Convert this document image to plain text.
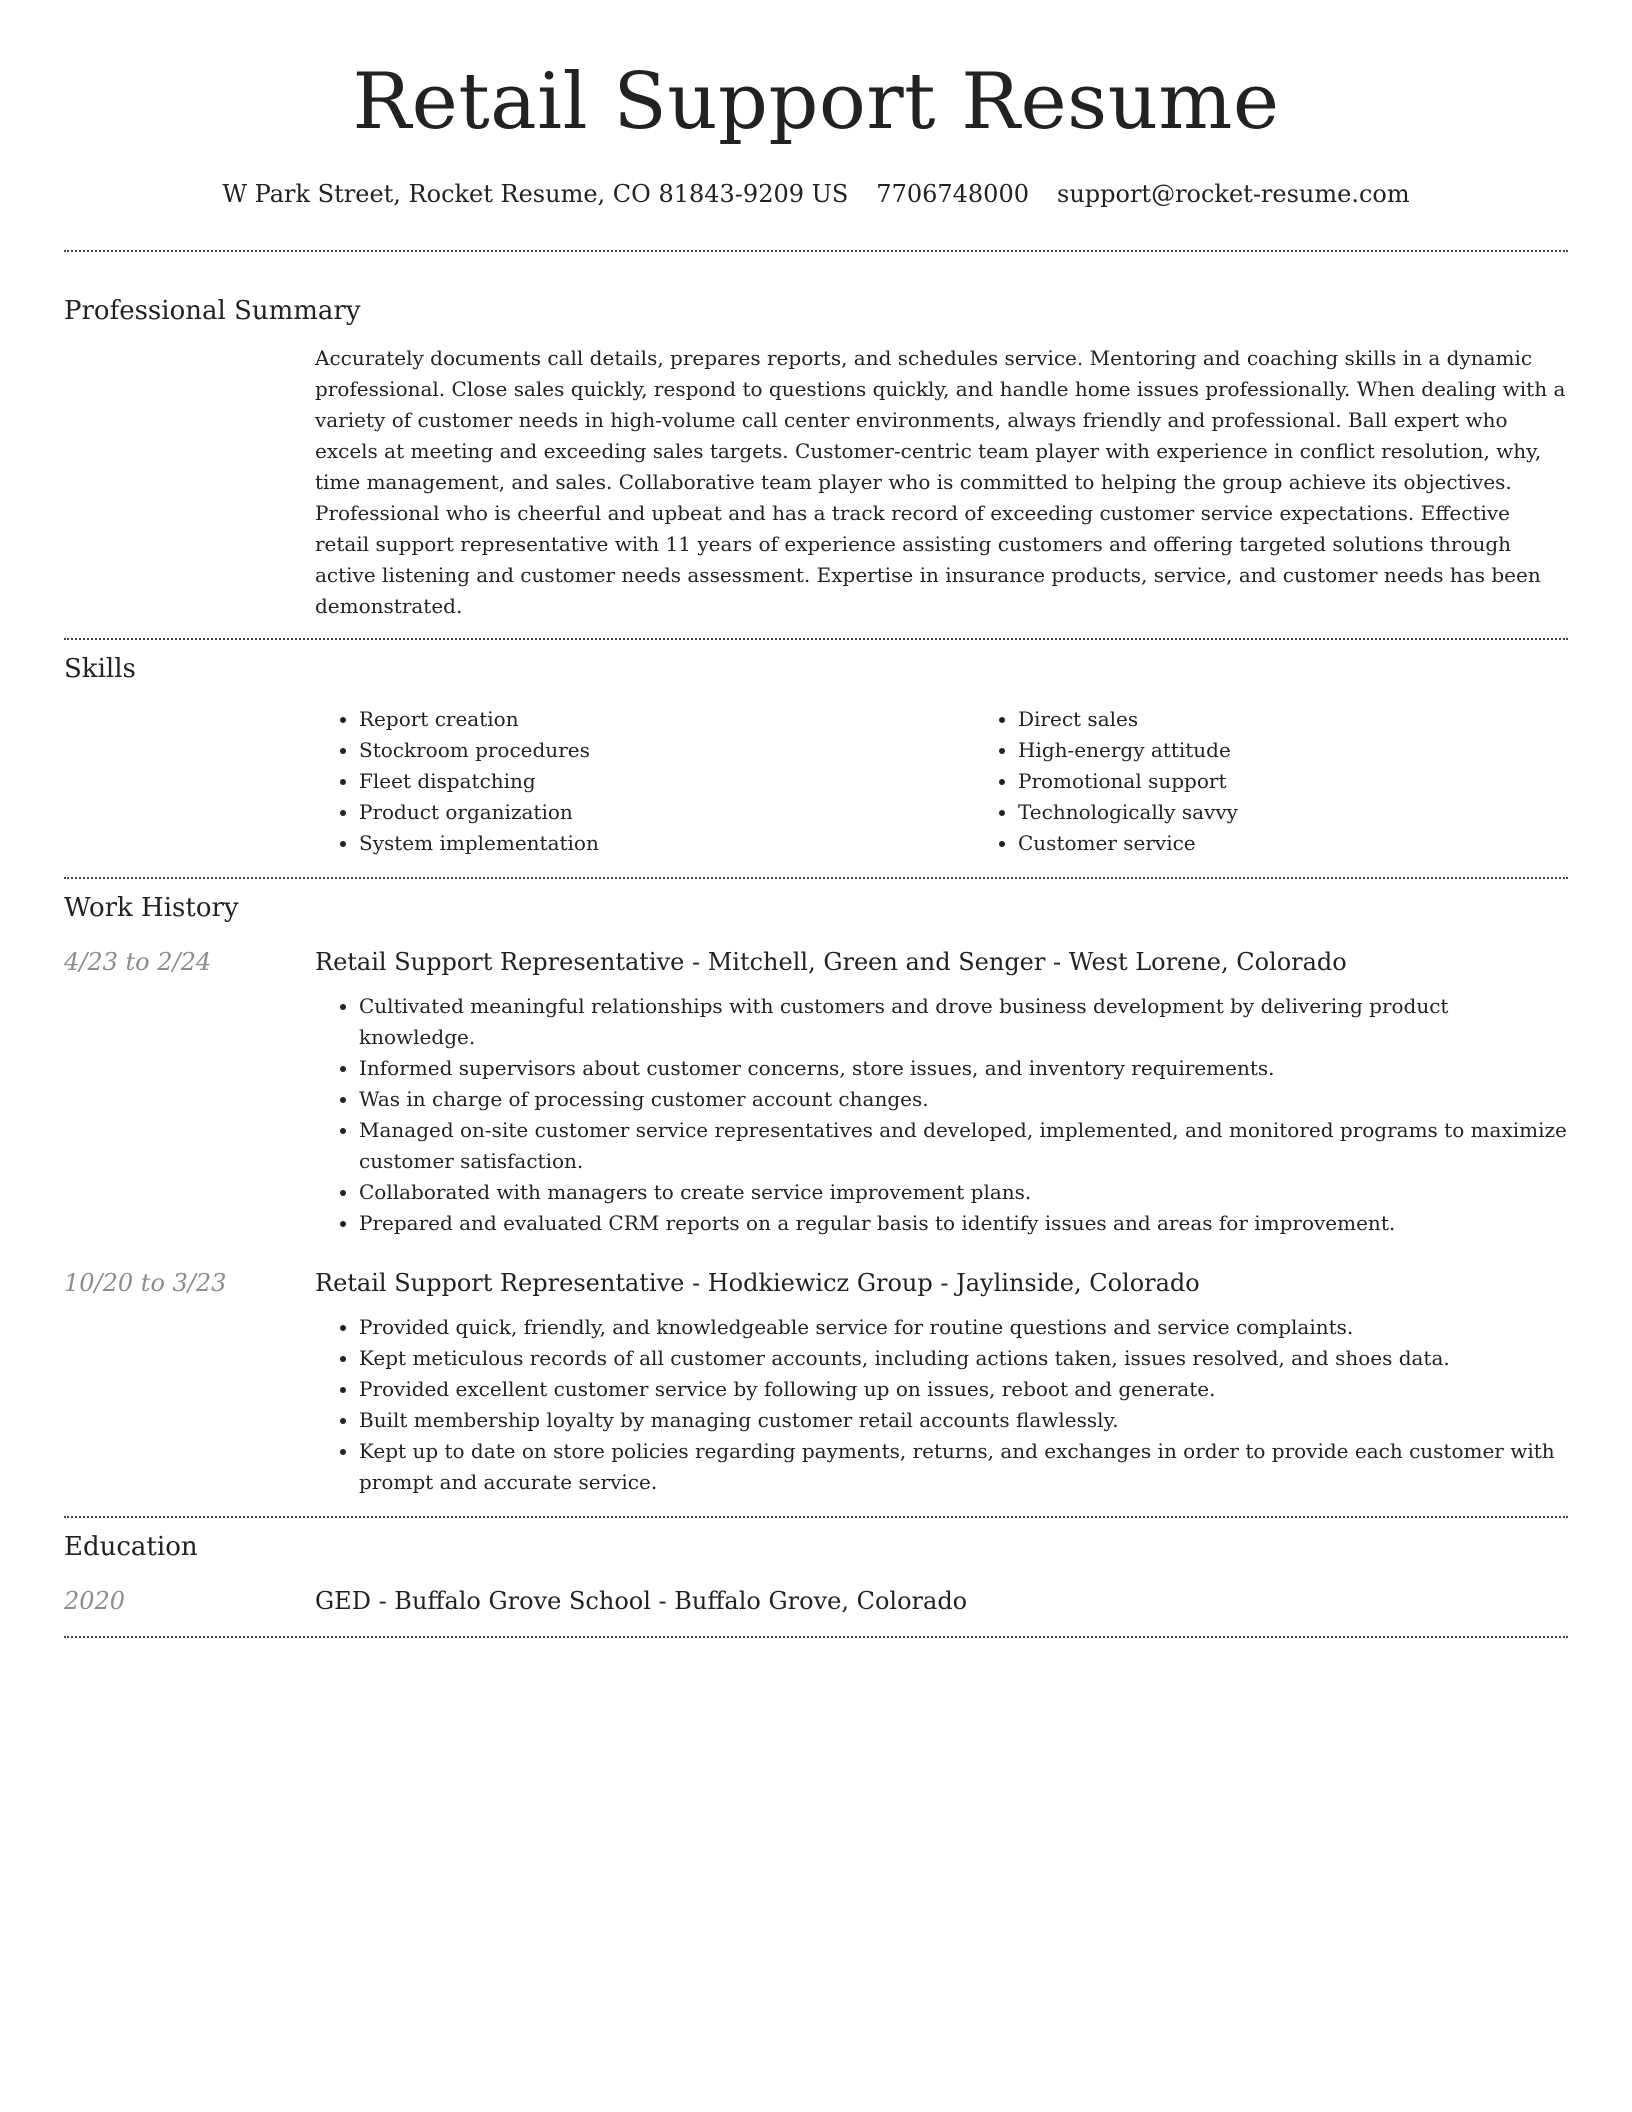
Retail Support Resume
W Park Street, Rocket Resume, CO 81843-9209 US 7706748000 support@rocket-resume.com
Professional Summary

Accurately documents call details, prepares reports, and schedules service. Mentoring and coaching skills in a dynamic professional. Close sales quickly, respond to questions quickly, and handle home issues professionally. When dealing with a variety of customer needs in high-volume call center environments, always friendly and professional. Ball expert who excels at meeting and exceeding sales targets. Customer-centric team player with experience in conflict resolution, why, time management, and sales. Collaborative team player who is committed to helping the group achieve its objectives. Professional who is cheerful and upbeat and has a track record of exceeding customer service expectations. Effective retail support representative with 11 years of experience assisting customers and offering targeted solutions through active listening and customer needs assessment. Expertise in insurance products, service, and customer needs has been demonstrated.

Skills
• Report creation
• Stockroom procedures
• Fleet dispatching
• Product organization
• System implementation
• Direct sales
• High-energy attitude
• Promotional support
• Technologically savvy
• Customer service
Work History
4/23 to 2/24	Retail Support Representative - Mitchell, Green and Senger - West Lorene, Colorado
• Cultivated meaningful relationships with customers and drove business development by delivering product knowledge.
• Informed supervisors about customer concerns, store issues, and inventory requirements.
• Was in charge of processing customer account changes.
• Managed on-site customer service representatives and developed, implemented, and monitored programs to maximize customer satisfaction.
• Collaborated with managers to create service improvement plans.
• Prepared and evaluated CRM reports on a regular basis to identify issues and areas for improvement.
10/20 to 3/23	Retail Support Representative - Hodkiewicz Group - Jaylinside, Colorado
• Provided quick, friendly, and knowledgeable service for routine questions and service complaints.
• Kept meticulous records of all customer accounts, including actions taken, issues resolved, and shoes data.
• Provided excellent customer service by following up on issues, reboot and generate.
• Built membership loyalty by managing customer retail accounts flawlessly.
• Kept up to date on store policies regarding payments, returns, and exchanges in order to provide each customer with prompt and accurate service.
Education
2020	GED - Buffalo Grove School - Buffalo Grove, Colorado
